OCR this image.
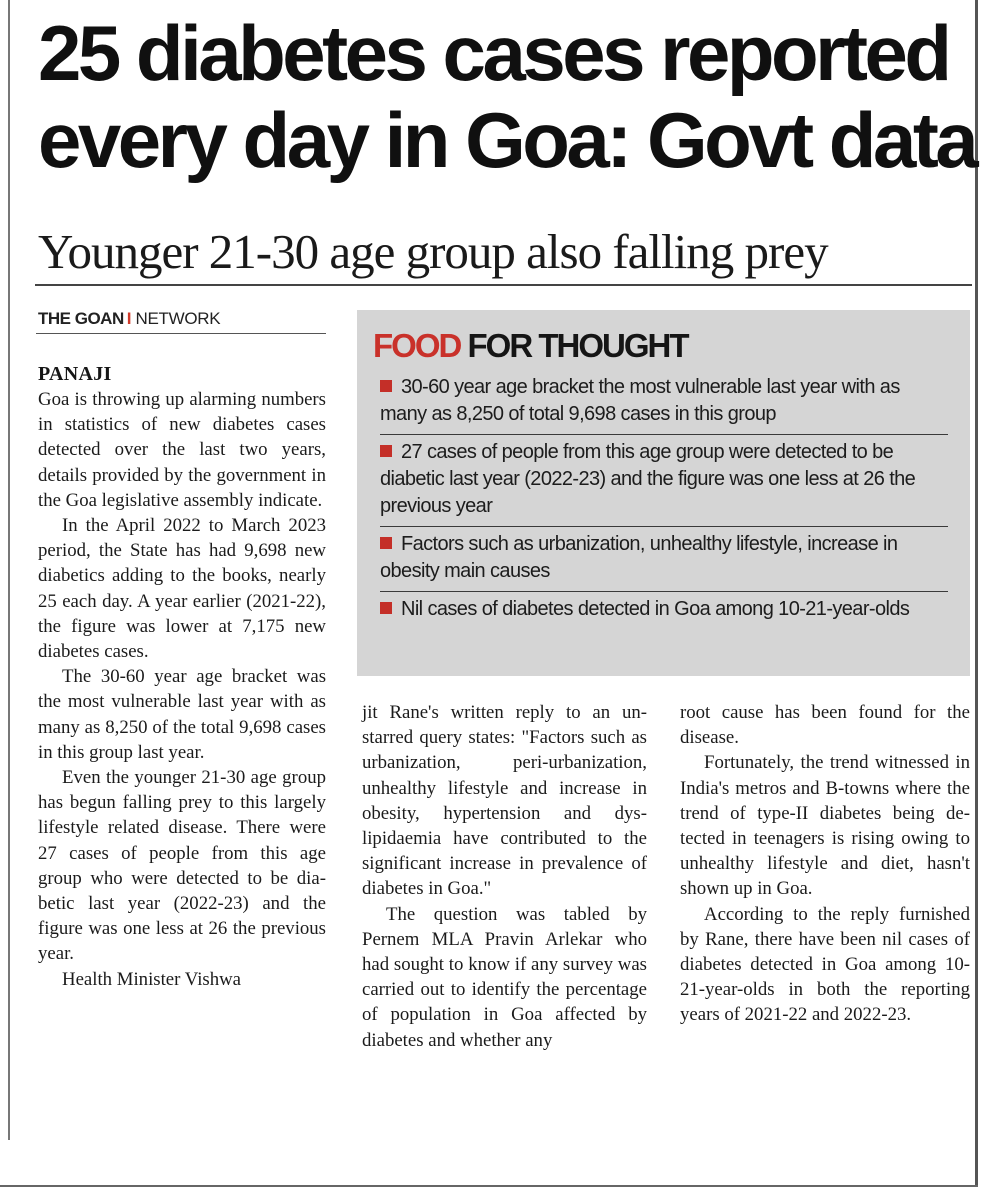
25 diabetes cases reported
every day in Goa: Govt data
Younger 21-30 age group also falling prey
THE GOAN I NETWORK
PANAJI

Goa is throwing up alarming numbers in statistics of new diabetes cases detected over the last two years, details provided by the government in the Goa legislative assembly indicate.

In the April 2022 to March 2023 period, the State has had 9,698 new diabetics adding to the books, nearly 25 each day. A year earlier (2021-22), the figure was lower at 7,175 new diabetes cases.

The 30-60 year age bracket was the most vulnerable last year with as many as 8,250 of the total 9,698 cases in this group last year.

Even the younger 21-30 age group has begun falling prey to this largely lifestyle related disease. There were 27 cases of people from this age group who were detected to be diabetic last year (2022-23) and the figure was one less at 26 the previous year.

Health Minister Vishwa

FOOD FOR THOUGHT

30-60 year age bracket the most vulnerable last year with as many as 8,250 of total 9,698 cases in this group

27 cases of people from this age group were detected to be diabetic last year (2022-23) and the figure was one less at 26 the previous year

Factors such as urbanization, unhealthy lifestyle, increase in obesity main causes

Nil cases of diabetes detected in Goa among 10-21-year-olds

jit Rane's written reply to an un-starred query states: "Factors such as urbanization, peri-urbanization, unhealthy lifestyle and increase in obesity, hypertension and dyslipidaemia have contributed to the significant increase in prevalence of diabetes in Goa."

The question was tabled by Pernem MLA Pravin Arlekar who had sought to know if any survey was carried out to identify the percentage of population in Goa affected by diabetes and whether any

root cause has been found for the disease.

Fortunately, the trend witnessed in India's metros and B-towns where the trend of type-II diabetes being detected in teenagers is rising owing to unhealthy lifestyle and diet, hasn't shown up in Goa.

According to the reply furnished by Rane, there have been nil cases of diabetes detected in Goa among 10-21-year-olds in both the reporting years of 2021-22 and 2022-23.
